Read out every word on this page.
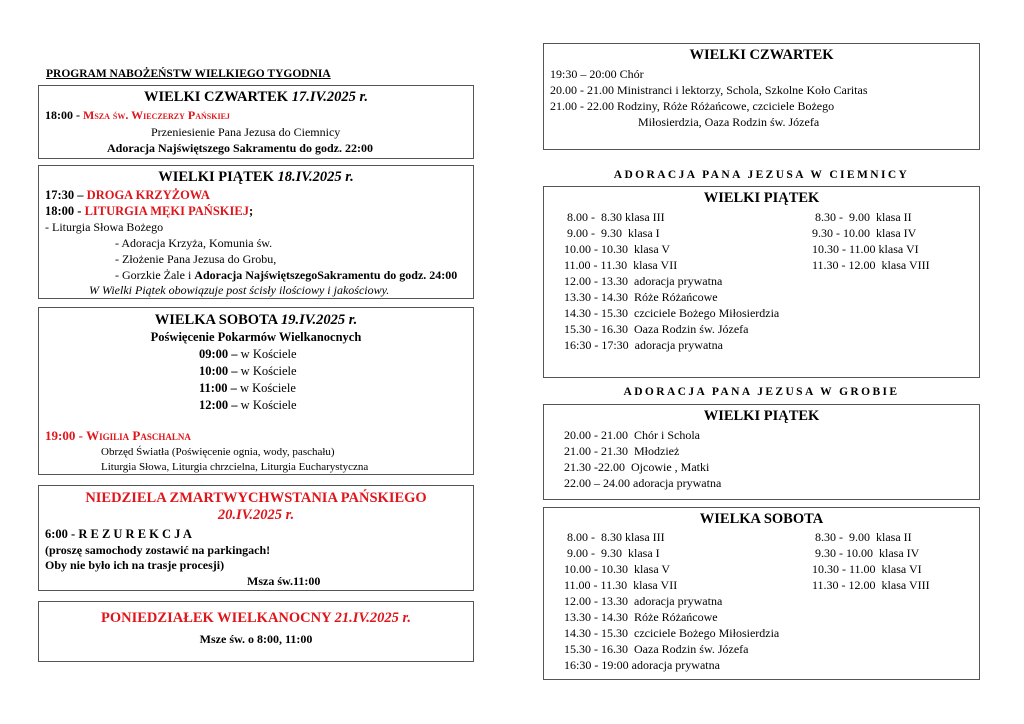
PROGRAM NABOŻEŃSTW WIELKIEGO TYGODNIA
WIELKI CZWARTEK 17.IV.2025 r.
18:00 - Msza św. Wieczerzy Pańskiej
Przeniesienie Pana Jezusa do Ciemnicy
Adoracja Najświętszego Sakramentu do godz. 22:00
WIELKI PIĄTEK 18.IV.2025 r.
17:30 – DROGA KRZYŻOWA
18:00 - LITURGIA MĘKI PAŃSKIEJ;
- Liturgia Słowa Bożego
- Adoracja Krzyża, Komunia św.
- Złożenie Pana Jezusa do Grobu,
- Gorzkie Żale i Adoracja NajświętszegoSakramentu do godz. 24:00
W Wielki Piątek obowiązuje post ścisły ilościowy i jakościowy.
WIELKA SOBOTA 19.IV.2025 r.
Poświęcenie Pokarmów Wielkanocnych
09:00 – w Kościele
10:00 – w Kościele
11:00 – w Kościele
12:00 – w Kościele
19:00 - Wigilia Paschalna
Obrzęd Światła (Poświęcenie ognia, wody, paschału)
Liturgia Słowa, Liturgia chrzcielna, Liturgia Eucharystyczna
NIEDZIELA ZMARTWYCHWSTANIA PAŃSKIEGO
20.IV.2025 r.
6:00 - R E Z U R E K C J A
(proszę samochody zostawić na parkingach!
Oby nie było ich na trasje procesji)
Msza św.11:00
PONIEDZIAŁEK WIELKANOCNY 21.IV.2025 r.
Msze św. o 8:00, 11:00
WIELKI CZWARTEK
19:30 – 20:00 Chór
20.00 - 21.00 Ministranci i lektorzy, Schola, Szkolne Koło Caritas
21.00 - 22.00 Rodziny, Róże Różańcowe, czciciele Bożego
Miłosierdzia, Oaza Rodzin św. Józefa
ADORACJA PANA JEZUSA W CIEMNICY
WIELKI PIĄTEK
8.00 -  8.30 klasa III
9.00 -  9.30  klasa I
10.00 - 10.30  klasa V
11.00 - 11.30  klasa VII
12.00 - 13.30  adoracja prywatna
13.30 - 14.30  Róże Różańcowe
14.30 - 15.30  czciciele Bożego Miłosierdzia
15.30 - 16.30  Oaza Rodzin św. Józefa
16:30 - 17:30  adoracja prywatna
8.30 -  9.00  klasa II
9.30 - 10.00  klasa IV
10.30 - 11.00 klasa VI
11.30 - 12.00  klasa VIII
ADORACJA PANA JEZUSA W GROBIE
WIELKI PIĄTEK
20.00 - 21.00  Chór i Schola
21.00 - 21.30  Młodzież
21.30 -22.00  Ojcowie , Matki
22.00 – 24.00 adoracja prywatna
WIELKA SOBOTA
8.00 -  8.30 klasa III
9.00 -  9.30  klasa I
10.00 - 10.30  klasa V
11.00 - 11.30  klasa VII
12.00 - 13.30  adoracja prywatna
13.30 - 14.30  Róże Różańcowe
14.30 - 15.30  czciciele Bożego Miłosierdzia
15.30 - 16.30  Oaza Rodzin św. Józefa
16:30 - 19:00 adoracja prywatna
8.30 -  9.00  klasa II
9.30 - 10.00  klasa IV
10.30 - 11.00  klasa VI
11.30 - 12.00  klasa VIII
